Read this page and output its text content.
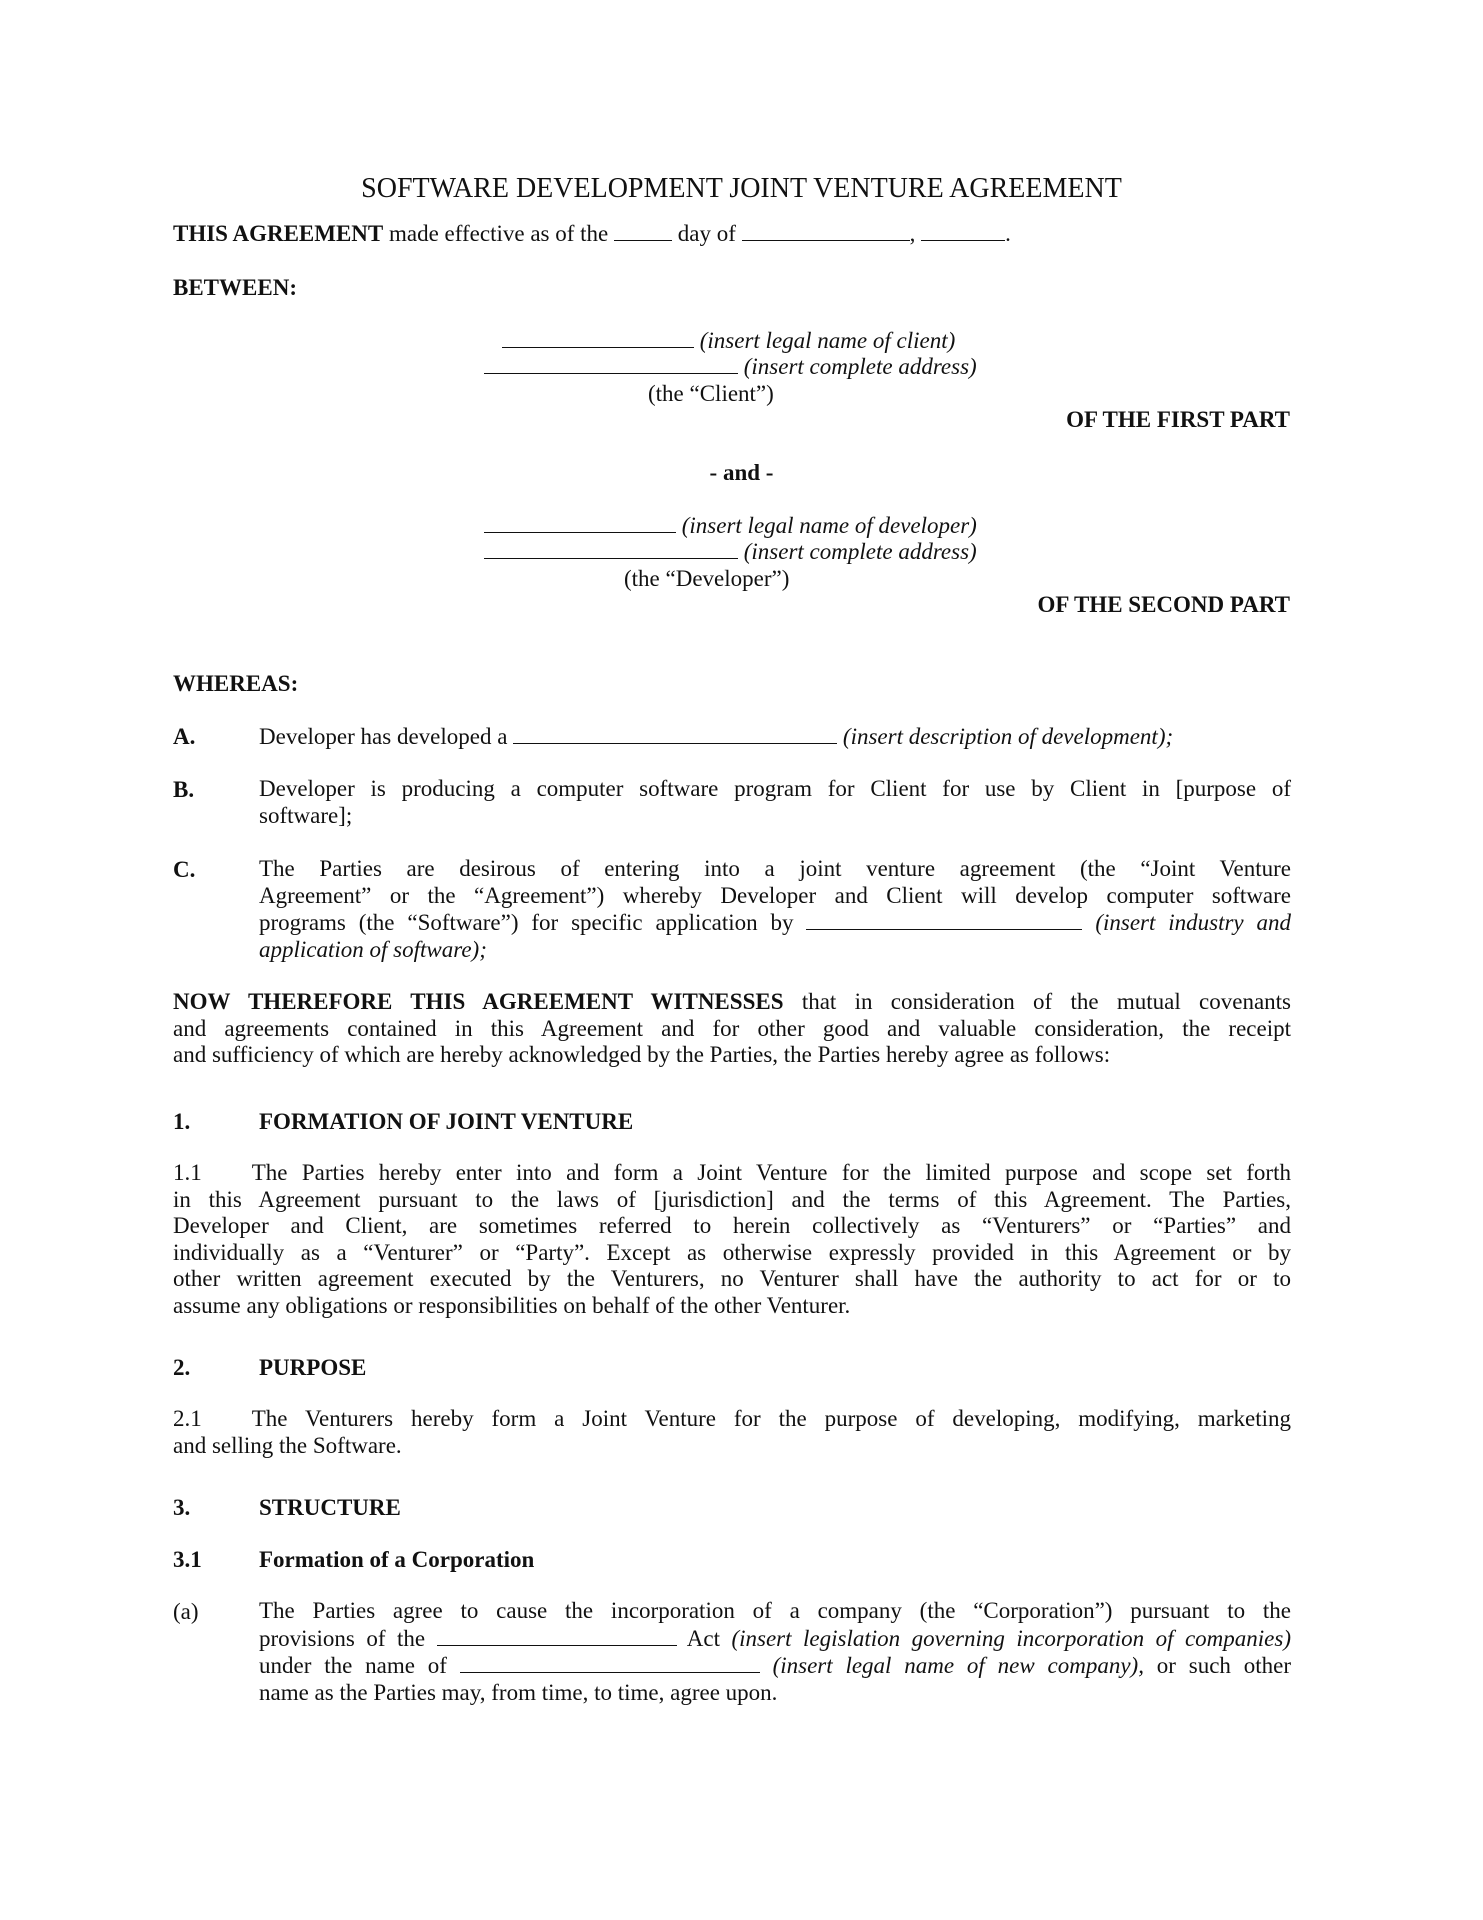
SOFTWARE DEVELOPMENT JOINT VENTURE AGREEMENT
THIS AGREEMENT made effective as of the	day of	,	.
BETWEEN:
(insert legal name of client)
(insert complete address)
(the “Client”)
OF THE FIRST PART
- and -
(insert legal name of developer)
(insert complete address)
(the “Developer”)
OF THE SECOND PART
WHEREAS:
A.	Developer has developed a	(insert description of development);
B.	Developer is producing a computer software program for Client for use by Client in [purpose of
software];
C.	The Parties are desirous of entering into a joint venture agreement (the “Joint Venture
Agreement” or the “Agreement”) whereby Developer and Client will develop computer software
programs (the “Software”) for specific application by	(insert industry and
application of software);
NOW THEREFORE THIS AGREEMENT WITNESSES that in consideration of the mutual covenants
and agreements contained in this Agreement and for other good and valuable consideration, the receipt
and sufficiency of which are hereby acknowledged by the Parties, the Parties hereby agree as follows:
1.	FORMATION OF JOINT VENTURE
1.1 The Parties hereby enter into and form a Joint Venture for the limited purpose and scope set forth
in this Agreement pursuant to the laws of [jurisdiction] and the terms of this Agreement. The Parties,
Developer and Client, are sometimes referred to herein collectively as “Venturers” or “Parties” and
individually as a “Venturer” or “Party”. Except as otherwise expressly provided in this Agreement or by
other written agreement executed by the Venturers, no Venturer shall have the authority to act for or to
assume any obligations or responsibilities on behalf of the other Venturer.
2.	PURPOSE
2.1 The Venturers hereby form a Joint Venture for the purpose of developing, modifying, marketing
and selling the Software.
3.	STRUCTURE
3.1 Formation of a Corporation
(a)	The Parties agree to cause the incorporation of a company (the “Corporation”) pursuant to the
provisions of the	Act (insert legislation governing incorporation of companies)
under the name of	(insert legal name of new company), or such other
name as the Parties may, from time, to time, agree upon.
